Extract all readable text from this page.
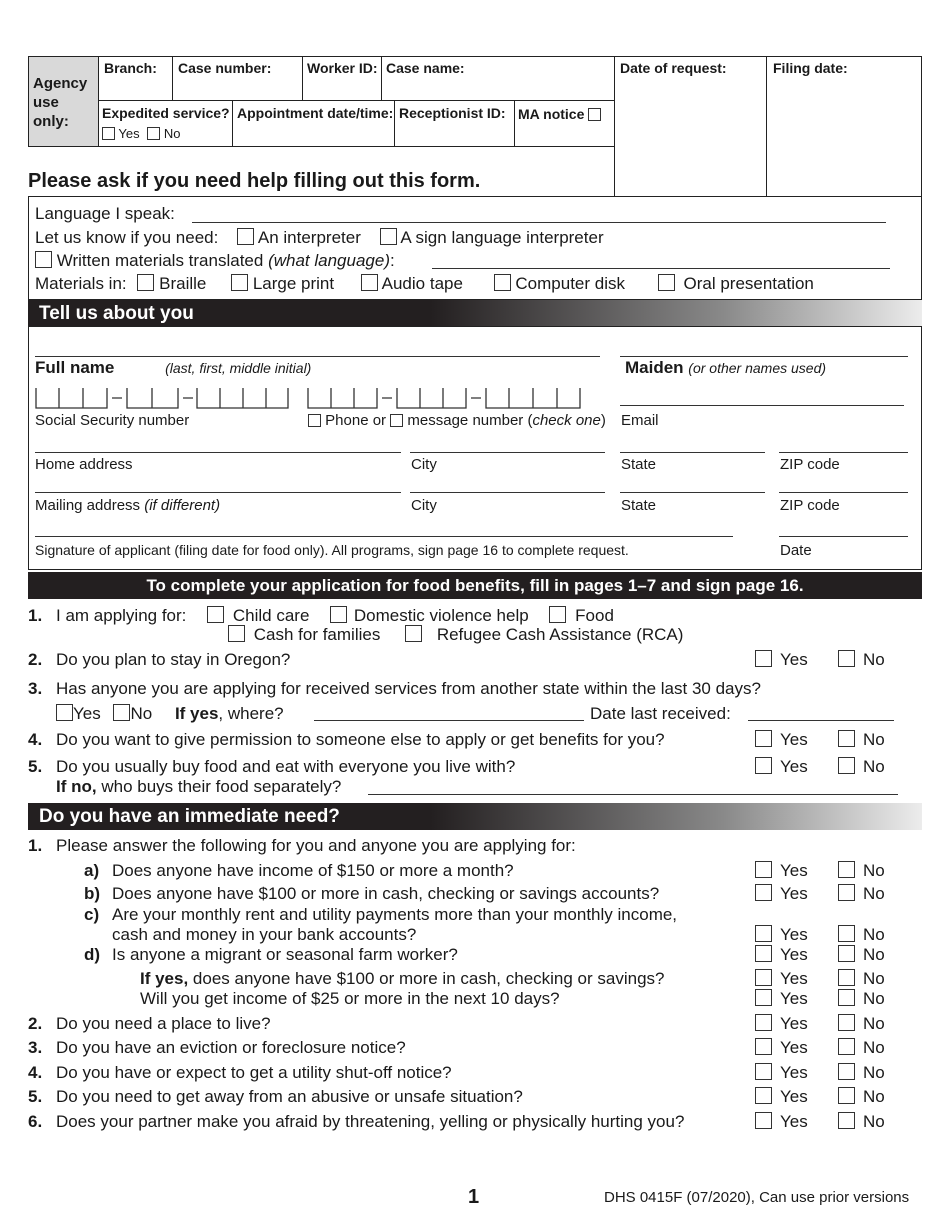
Agency use only:
Branch: Case number:	Worker ID: Case name:	Date of request:	Filing date:
Expedited service?
Yes No
Appointment date/time: Receptionist ID: MA notice
Please ask if you need help filling out this form.
Language I speak:
Let us know if you need: An interpreter A sign language interpreter
Written materials translated (what language):
Materials in: Braille	Large print	Audio tape	Computer disk	Oral presentation
Tell us about you
Full name	(last, first, middle initial)	Maiden (or other names used)
Social Security number	Phone or message number (check one) Email
Home address	City	State	ZIP code
Mailing address (if different)	City	State	ZIP code
Signature of applicant (filing date for food only). All programs, sign page 16 to complete request.	Date
To complete your application for food benefits, fill in pages 1–7 and sign page 16.
1. I am applying for:	Child care	Domestic violence help	Food
Cash for families	Refugee Cash Assistance (RCA)
2. Do you plan to stay in Oregon?	Yes	No
3. Has anyone you are applying for received services from another state within the last 30 days?
Yes No If yes, where?	Date last received:
4. Do you want to give permission to someone else to apply or get benefits for you?	Yes	No
5. Do you usually buy food and eat with everyone you live with?	Yes	No
If no, who buys their food separately?
Do you have an immediate need?
1. Please answer the following for you and anyone you are applying for:
a) Does anyone have income of $150 or more a month?	Yes	No
b) Does anyone have $100 or more in cash, checking or savings accounts?	Yes	No
c) Are your monthly rent and utility payments more than your monthly income,
cash and money in your bank accounts?	Yes	No
d) Is anyone a migrant or seasonal farm worker?	Yes	No
If yes, does anyone have $100 or more in cash, checking or savings?	Yes	No
Will you get income of $25 or more in the next 10 days?	Yes	No
2. Do you need a place to live?	Yes	No
3. Do you have an eviction or foreclosure notice?	Yes	No
4. Do you have or expect to get a utility shut-off notice?	Yes	No
5. Do you need to get away from an abusive or unsafe situation?	Yes	No
6. Does your partner make you afraid by threatening, yelling or physically hurting you?	Yes	No
1	DHS 0415F (07/2020), Can use prior versions
